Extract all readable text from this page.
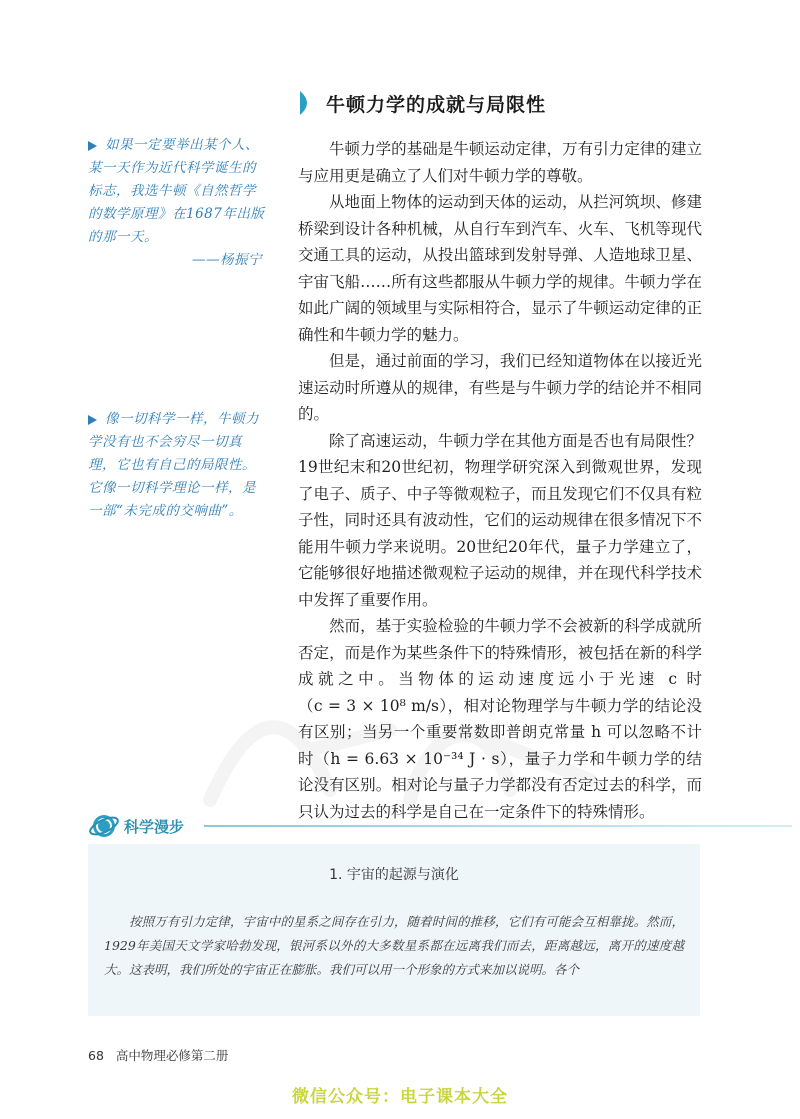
牛顿力学的成就与局限性
如果一定要举出某个人、某一天作为近代科学诞生的标志，我选牛顿《自然哲学的数学原理》在1687年出版的那一天。
——杨振宁
像一切科学一样，牛顿力学没有也不会穷尽一切真理，它也有自己的局限性。它像一切科学理论一样，是一部“未完成的交响曲”。

牛顿力学的基础是牛顿运动定律，万有引力定律的建立与应用更是确立了人们对牛顿力学的尊敬。

从地面上物体的运动到天体的运动，从拦河筑坝、修建桥梁到设计各种机械，从自行车到汽车、火车、飞机等现代交通工具的运动，从投出篮球到发射导弹、人造地球卫星、宇宙飞船……所有这些都服从牛顿力学的规律。牛顿力学在如此广阔的领域里与实际相符合，显示了牛顿运动定律的正确性和牛顿力学的魅力。

但是，通过前面的学习，我们已经知道物体在以接近光速运动时所遵从的规律，有些是与牛顿力学的结论并不相同的。

除了高速运动，牛顿力学在其他方面是否也有局限性？19世纪末和20世纪初，物理学研究深入到微观世界，发现了电子、质子、中子等微观粒子，而且发现它们不仅具有粒子性，同时还具有波动性，它们的运动规律在很多情况下不能用牛顿力学来说明。20世纪20年代，量子力学建立了，它能够很好地描述微观粒子运动的规律，并在现代科学技术中发挥了重要作用。

然而，基于实验检验的牛顿力学不会被新的科学成就所否定，而是作为某些条件下的特殊情形，被包括在新的科学成就之中。当物体的运动速度远小于光速 c 时（c = 3 × 10⁸ m/s），相对论物理学与牛顿力学的结论没有区别；当另一个重要常数即普朗克常量 h 可以忽略不计时（h = 6.63 × 10⁻³⁴ J · s），量子力学和牛顿力学的结论没有区别。相对论与量子力学都没有否定过去的科学，而只认为过去的科学是自己在一定条件下的特殊情形。

科学漫步
1. 宇宙的起源与演化

按照万有引力定律，宇宙中的星系之间存在引力，随着时间的推移，它们有可能会互相靠拢。然而，1929年美国天文学家哈勃发现，银河系以外的大多数星系都在远离我们而去，距离越远，离开的速度越大。这表明，我们所处的宇宙正在膨胀。我们可以用一个形象的方式来加以说明。各个

68 高中物理必修第二册
微信公众号：电子课本大全
